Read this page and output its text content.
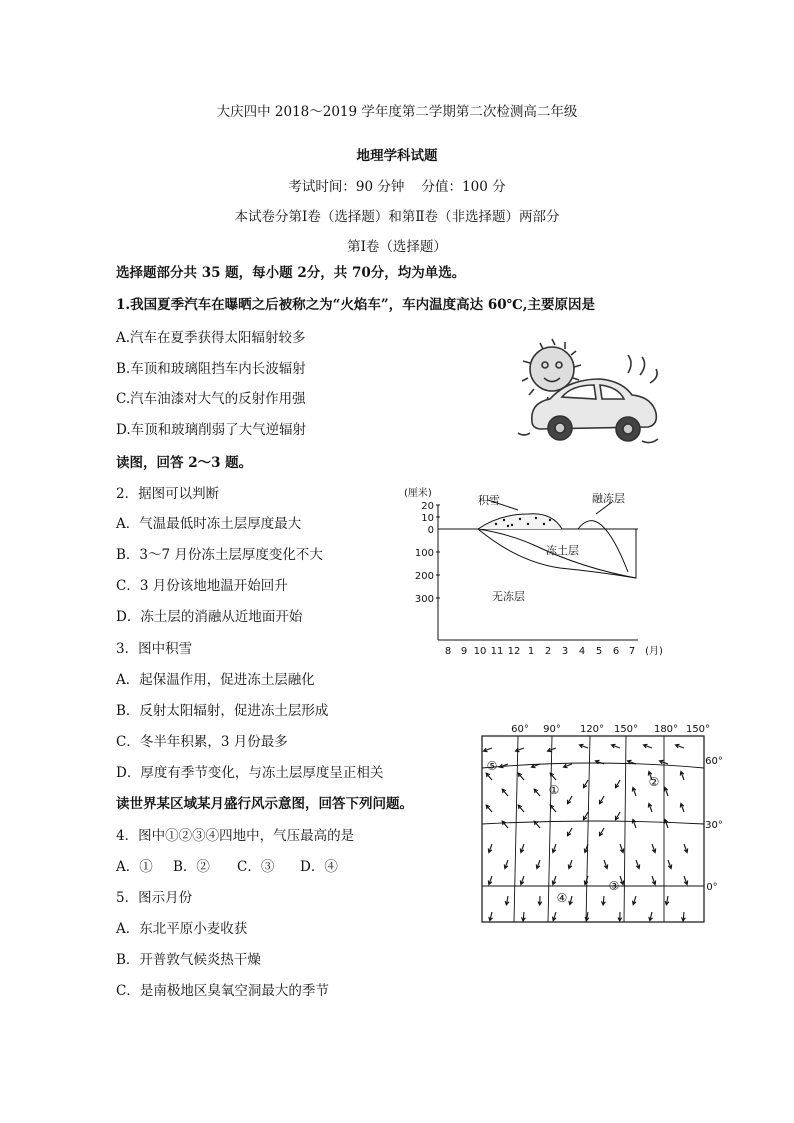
大庆四中 2018～2019 学年度第二学期第二次检测高二年级
地理学科试题
考试时间：90 分钟    分值：100 分
本试卷分第Ⅰ卷（选择题）和第Ⅱ卷（非选择题）两部分
第Ⅰ卷（选择题）
选择题部分共 35 题，每小题 2分，共 70分，均为单选。
1.我国夏季汽车在曝晒之后被称之为“火焰车”，车内温度高达 60℃,主要原因是
A.汽车在夏季获得太阳辐射较多
B.车顶和玻璃阻挡车内长波辐射
C.汽车油漆对大气的反射作用强
D.车顶和玻璃削弱了大气逆辐射
读图，回答 2～3 题。
2．据图可以判断
A．气温最低时冻土层厚度最大
B．3～7 月份冻土层厚度变化不大
C．3 月份该地地温开始回升
D．冻土层的消融从近地面开始
(厘米)
20
10
0
100
200
300
积雪	融冻层
冻土层
无冻层
8 9 10 11 12 1 2 3 4 5 6 7 (月)
3．图中积雪
A．起保温作用，促进冻土层融化
B．反射太阳辐射，促进冻土层形成
C．冬半年积累，3 月份最多
D．厚度有季节变化，与冻土层厚度呈正相关
60° 90° 120° 150° 180° 150°
60°
30°
0°
⑤
①
②
③
④
读世界某区域某月盛行风示意图，回答下列问题。
4．图中①②③④四地中，气压最高的是
A．① B．② C．③ D．④
5．图示月份
A．东北平原小麦收获
B．开普敦气候炎热干燥
C．是南极地区臭氧空洞最大的季节
